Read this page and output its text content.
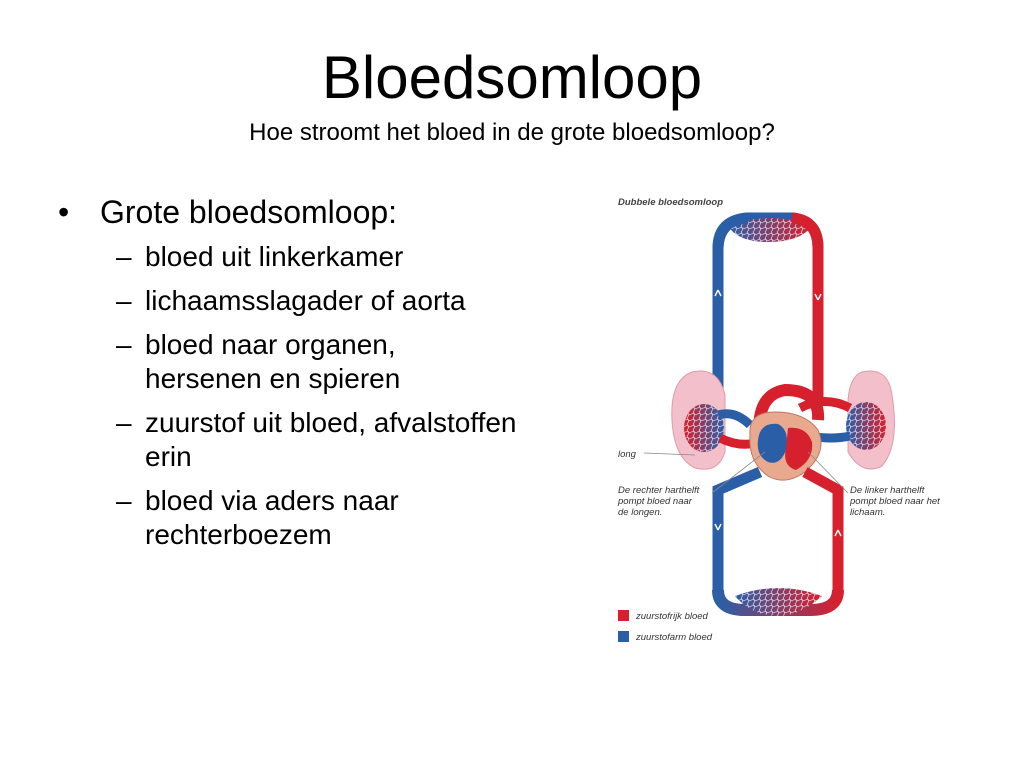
Bloedsomloop
Hoe stroomt het bloed in de grote bloedsomloop?
• Grote bloedsomloop:
– bloed uit linkerkamer
– lichaamsslagader of aorta
– bloed naar organen, hersenen en spieren
– zuurstof uit bloed, afvalstoffen erin
– bloed via aders naar rechterboezem
Dubbele bloedsomloop
long
De rechter harthelft
pompt bloed naar
de longen.
De linker harthelft
pompt bloed naar het
lichaam.
zuurstofrijk bloed
zuurstofarm bloed
